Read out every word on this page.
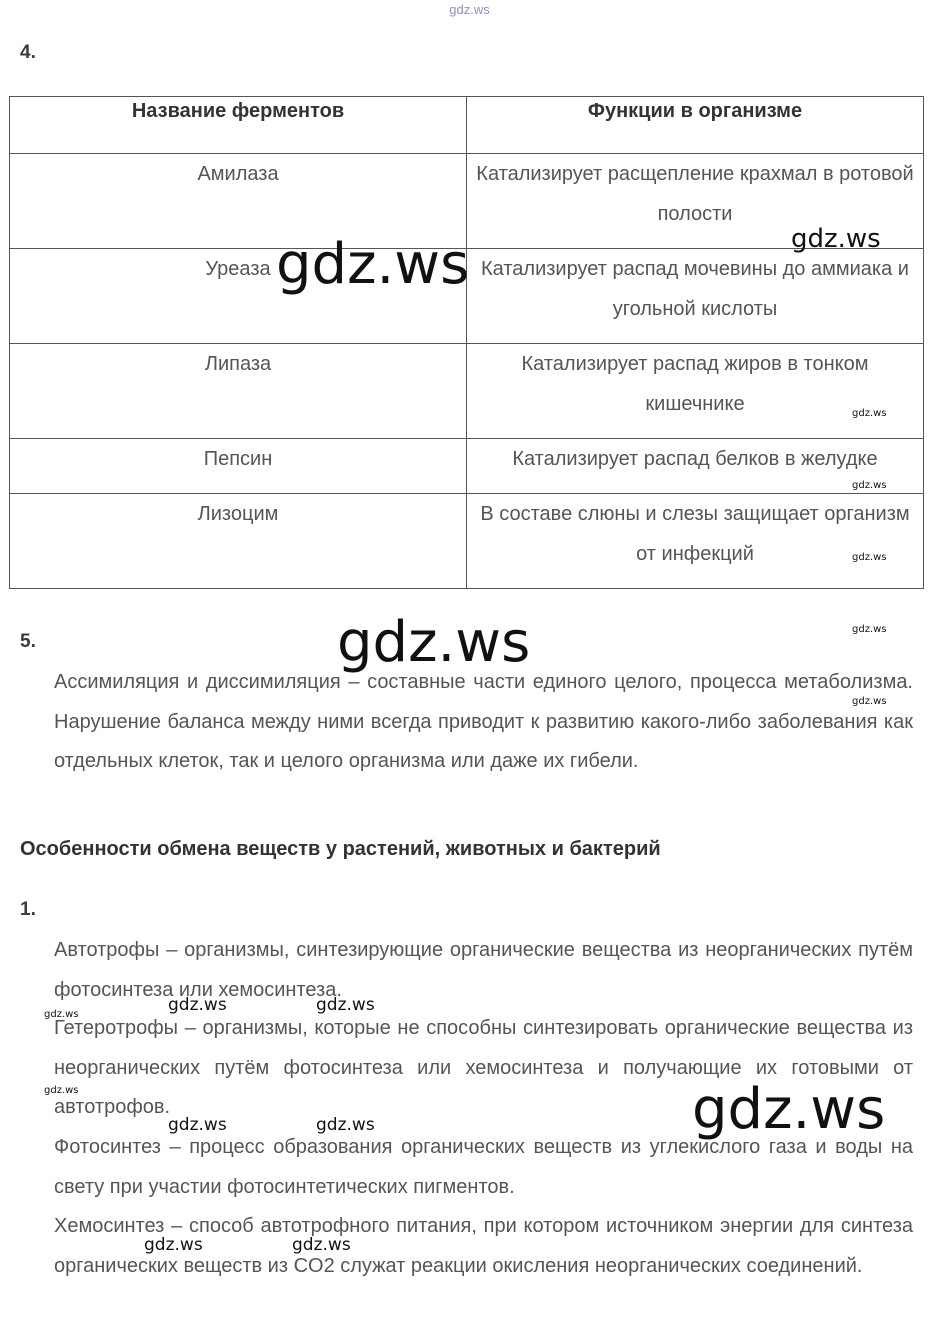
gdz.ws
4.
Название ферментов	Функции в организме
Амилаза	Катализирует расщепление крахмал в ротовой полости
Уреаза	Катализирует распад мочевины до аммиака и угольной кислоты
Липаза	Катализирует распад жиров в тонком кишечнике
Пепсин	Катализирует распад белков в желудке
Лизоцим	В составе слюны и слезы защищает организм от инфекций
5.
Ассимиляция и диссимиляция – составные части единого целого, процесса метаболизма. Нарушение баланса между ними всегда приводит к развитию какого-либо заболевания как отдельных клеток, так и целого организма или даже их гибели.
Особенности обмена веществ у растений, животных и бактерий
1.
Автотрофы – организмы, синтезирующие органические вещества из неорганических путём фотосинтеза или хемосинтеза.
Гетеротрофы – организмы, которые не способны синтезировать органические вещества из неорганических путём фотосинтеза или хемосинтеза и получающие их готовыми от автотрофов.
Фотосинтез – процесс образования органических веществ из углекислого газа и воды на свету при участии фотосинтетических пигментов.
Хемосинтез – способ автотрофного питания, при котором источником энергии для синтеза органических веществ из CO2 служат реакции окисления неорганических соединений.
gdz.ws
gdz.ws
gdz.ws
gdz.ws
gdz.ws
gdz.ws
gdz.ws
gdz.ws
gdz.ws
gdz.ws	gdz.ws
gdz.ws
gdz.ws
gdz.ws	gdz.ws
gdz.ws	gdz.ws
